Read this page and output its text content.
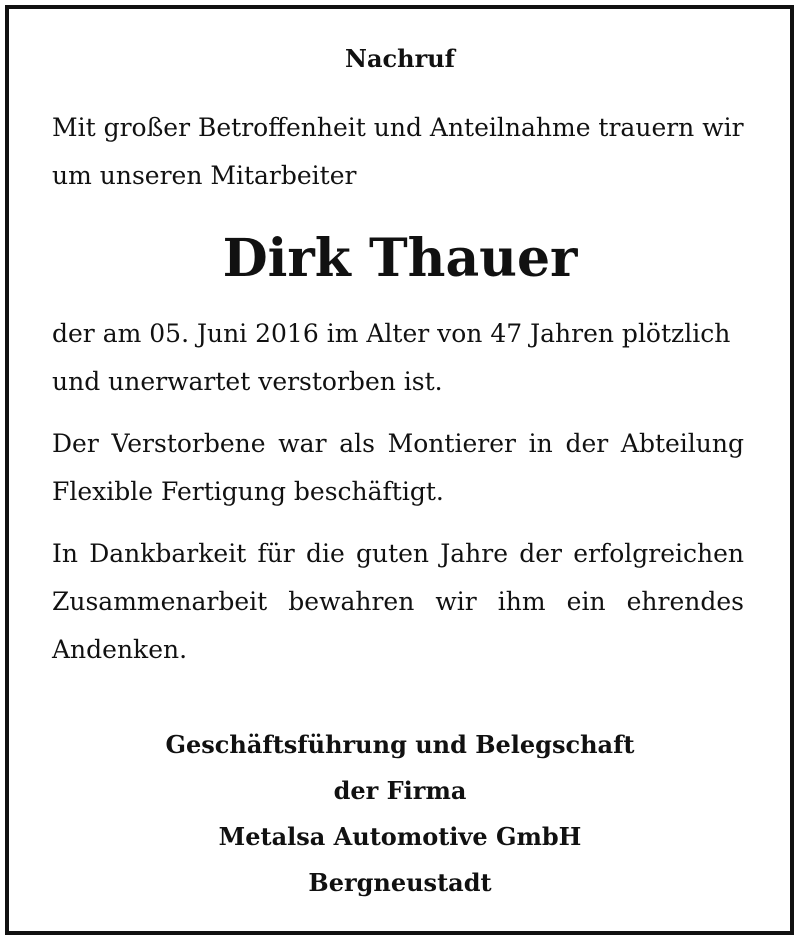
Nachruf
Mit großer Betroffenheit und Anteilnahme trauern wir um unseren Mitarbeiter
Dirk Thauer
der am 05. Juni 2016 im Alter von 47 Jahren plötzlich und unerwartet verstorben ist.
Der Verstorbene war als Montierer in der Abteilung Flexible Fertigung beschäftigt.
In Dankbarkeit für die guten Jahre der erfolgreichen Zusammenarbeit bewahren wir ihm ein ehrendes Andenken.
Geschäftsführung und Belegschaft
der Firma
Metalsa Automotive GmbH
Bergneustadt
